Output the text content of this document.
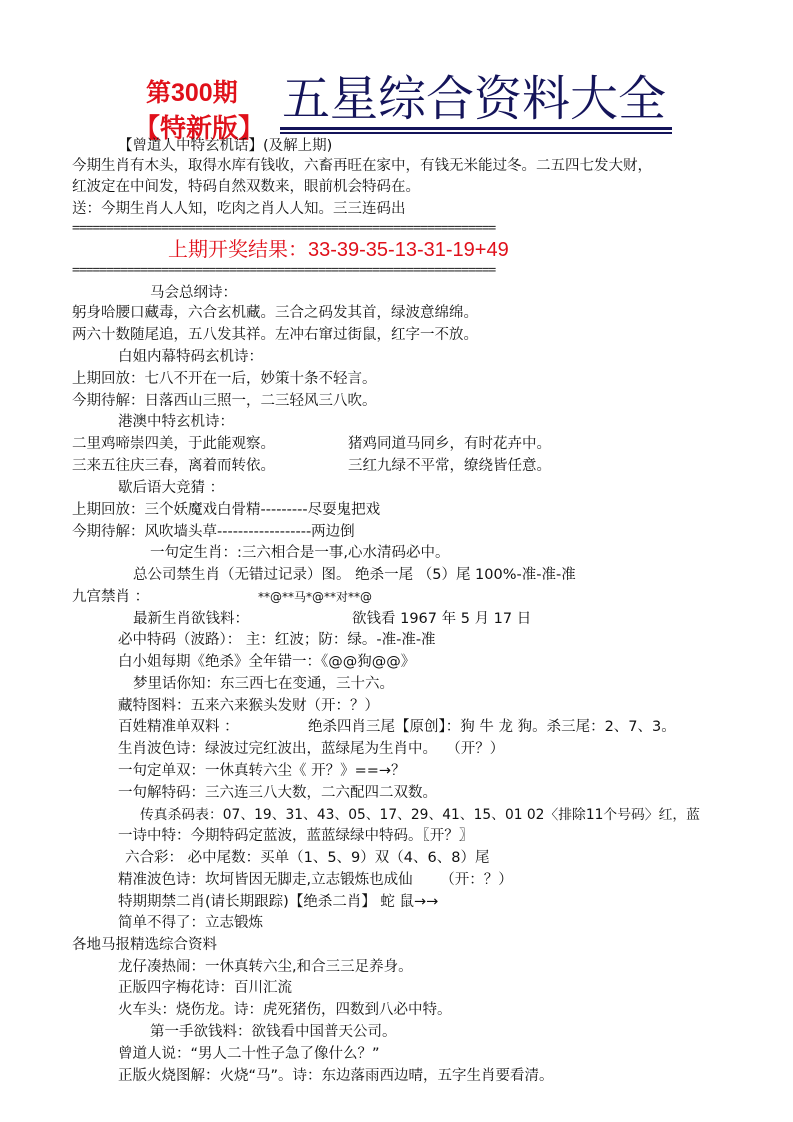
第300期
【特新版】
五星综合资料大全
【曾道人中特玄机话】(及解上期)
今期生肖有木头，取得水库有钱收，六畜再旺在家中，有钱无米能过冬。二五四七发大财，
红波定在中间发，特码自然双数来，眼前机会特码在。
送：今期生肖人人知，吃肉之肖人人知。三三连码出
==============================================================
上期开奖结果：33-39-35-13-31-19+49
==============================================================
马会总纲诗：
躬身哈腰口藏毒，六合玄机藏。三合之码发其首，绿波意绵绵。
两六十数随尾追，五八发其祥。左冲右窜过街鼠，红字一不放。
白姐内幕特码玄机诗：
上期回放：七八不开在一后，妙策十条不轻言。
今期待解：日落西山三照一，二三轻风三八吹。
港澳中特玄机诗：
二里鸡啼崇四美，于此能观察。	猪鸡同道马同乡，有时花卉中。
三来五往庆三春，离着而转依。	三红九绿不平常，缭绕皆任意。
歇后语大竞猜 ：
上期回放：三个妖魔戏白骨精---------尽耍鬼把戏
今期待解：风吹墙头草------------------两边倒
一句定生肖：:三六相合是一事,心水清码必中。
总公司禁生肖（无错过记录）图。 绝杀一尾 （5）尾 100%-准-准-准
九宫禁肖 ：	**@**马*@**对**@
最新生肖欲钱料：	欲钱看 1967 年 5 月 17 日
必中特码（波路）： 主：红波；防：绿。-准-准-准
白小姐每期《绝杀》全年错一：《@@狗@@》
梦里话你知：东三西七在变通，三十六。
藏特图料：五来六来猴头发财（开：？）
百姓精准单双料 ：	绝杀四肖三尾【原创】：狗 牛 龙 狗。杀三尾：2、7、3。
生肖波色诗：绿波过完红波出，蓝绿尾为生肖中。  （开？）
一句定单双：一休真转六尘《 开？》==→？
一句解特码：三六连三八大数，二六配四二双数。
传真杀码表：07、19、31、43、05、17、29、41、15、01 02〈排除11个号码〉红，蓝
一诗中特：今期特码定蓝波，蓝蓝绿绿中特码。〖开？〗
六合彩： 必中尾数：买单（1、5、9）双（4、6、8）尾
精准波色诗：坎坷皆因无脚走,立志锻炼也成仙      （开：？）
特期期禁二肖(请长期跟踪)【绝杀二肖】 蛇 鼠→→
简单不得了：立志锻炼
各地马报精选综合资料
龙仔凑热闹：一休真转六尘,和合三三足养身。
正版四字梅花诗：百川汇流
火车头：烧伤龙。诗：虎死猪伤，四数到八必中特。
第一手欲钱料：欲钱看中国普天公司。
曾道人说：“男人二十性子急了像什么？”
正版火烧图解：火烧“马”。诗：东边落雨西边晴，五字生肖要看清。
